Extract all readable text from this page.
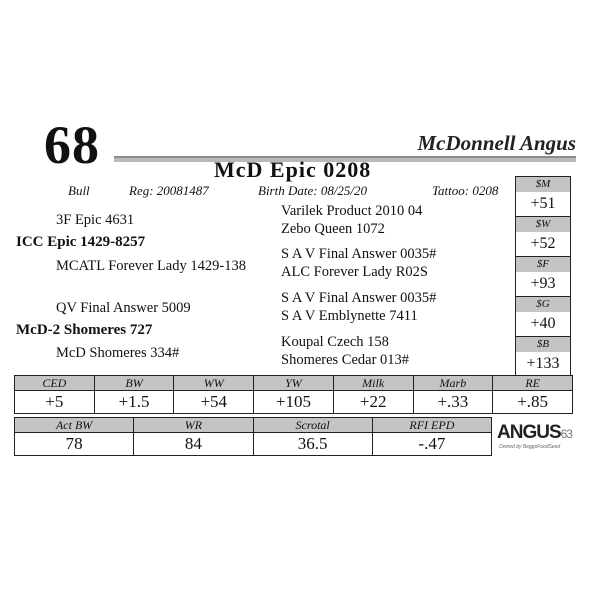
68	McDonnell Angus
McD Epic 0208
Bull	Reg: 20081487	Birth Date: 08/25/20	Tattoo: 0208
3F Epic 4631
ICC Epic 1429-8257
MCATL Forever Lady 1429-138
QV Final Answer 5009
McD-2 Shomeres 727
McD Shomeres 334#
Varilek Product 2010 04
Zebo Queen 1072
S A V Final Answer 0035#
ALC Forever Lady R02S
S A V Final Answer 0035#
S A V Emblynette 7411
Koupal Czech 158
Shomeres Cedar 013#
$M
+51
$W
+52
$F
+93
$G
+40
$B
+133
CED	BW	WW	YW	Milk	Marb	RE
+5	+1.5	+54	+105	+22	+.33	+.85
Act BW	WR	Scrotal	RFI EPD
78	84	36.5	-.47
ANGUS63
Owned by BeggsFoodSeed
